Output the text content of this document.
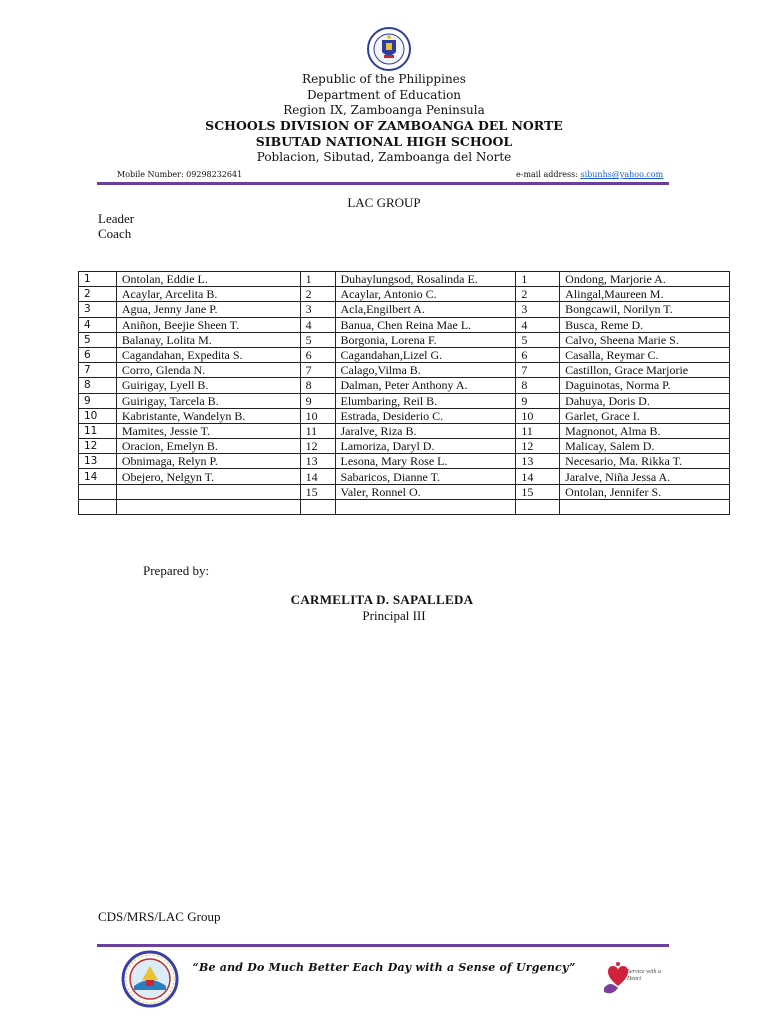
Republic of the Philippines
Department of Education
Region IX, Zamboanga Peninsula
SCHOOLS DIVISION OF ZAMBOANGA DEL NORTE
SIBUTAD NATIONAL HIGH SCHOOL
Poblacion, Sibutad, Zamboanga del Norte
Mobile Number: 09298232641	e-mail address: sibunhs@yahoo.com
LAC GROUP
Leader
Coach
1	Ontolan, Eddie L.	1	Duhaylungsod, Rosalinda E.	1	Ondong, Marjorie A.
2	Acaylar, Arcelita B.	2	Acaylar, Antonio C.	2	Alingal,Maureen M.
3	Agua, Jenny Jane P.	3	Acla,Engilbert A.	3	Bongcawil, Norilyn T.
4	Aniñon, Beejie Sheen T.	4	Banua, Chen Reina Mae L.	4	Busca, Reme D.
5	Balanay, Lolita M.	5	Borgonia, Lorena F.	5	Calvo, Sheena Marie S.
6	Cagandahan, Expedita S.	6	Cagandahan,Lizel G.	6	Casalla, Reymar C.
7	Corro, Glenda N.	7	Calago,Vilma B.	7	Castillon, Grace Marjorie
8	Guirigay, Lyell B.	8	Dalman, Peter Anthony A.	8	Daguinotas, Norma P.
9	Guirigay, Tarcela B.	9	Elumbaring, Reil B.	9	Dahuya, Doris D.
10	Kabristante, Wandelyn B.	10	Estrada, Desiderio C.	10	Garlet, Grace I.
11	Mamites, Jessie T.	11	Jaralve, Riza B.	11	Magnonot, Alma B.
12	Oracion, Emelyn B.	12	Lamoriza, Daryl D.	12	Malicay, Salem D.
13	Obnimaga, Relyn P.	13	Lesona, Mary Rose L.	13	Necesario, Ma. Rikka T.
14	Obejero, Nelgyn T.	14	Sabaricos, Dianne T.	14	Jaralve, Niña Jessa A.
		15	Valer, Ronnel O.	15	Ontolan, Jennifer S.

Prepared by:
CARMELITA D. SAPALLEDA
Principal III
CDS/MRS/LAC Group
“Be and Do Much Better Each Day with a Sense of Urgency”	Service with a Heart
